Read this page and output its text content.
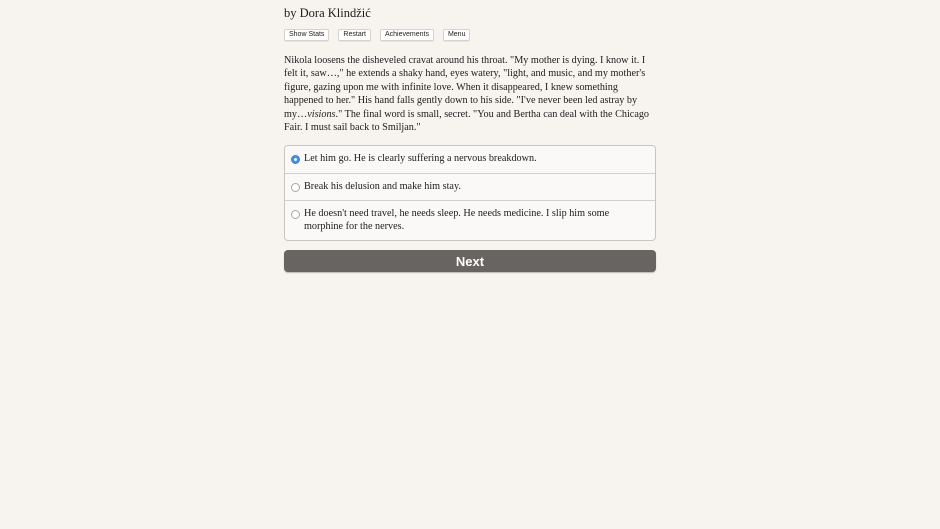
by Dora Klindžić
Show Stats	Restart	Achievements	Menu
Nikola loosens the disheveled cravat around his throat. "My mother is dying. I know it. I felt it, saw…," he extends a shaky hand, eyes watery, "light, and music, and my mother's figure, gazing upon me with infinite love. When it disappeared, I knew something happened to her." His hand falls gently down to his side. "I've never been led astray by my…visions." The final word is small, secret. "You and Bertha can deal with the Chicago Fair. I must sail back to Smiljan."
Let him go. He is clearly suffering a nervous breakdown.
Break his delusion and make him stay.
He doesn't need travel, he needs sleep. He needs medicine. I slip him some morphine for the nerves.
Next
